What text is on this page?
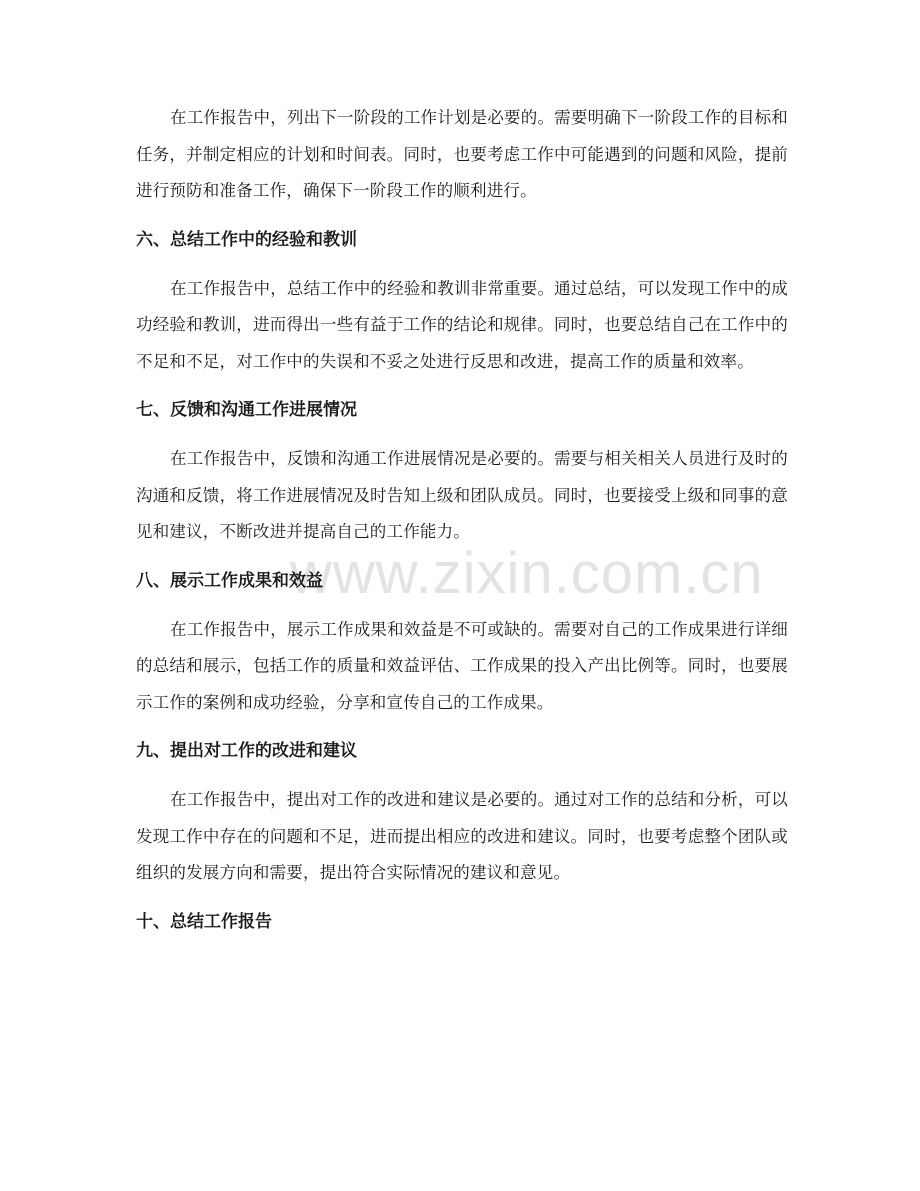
www.zixin.com.cn

在工作报告中，列出下一阶段的工作计划是必要的。需要明确下一阶段工作的目标和任务，并制定相应的计划和时间表。同时，也要考虑工作中可能遇到的问题和风险，提前进行预防和准备工作，确保下一阶段工作的顺利进行。

六、总结工作中的经验和教训

在工作报告中，总结工作中的经验和教训非常重要。通过总结，可以发现工作中的成功经验和教训，进而得出一些有益于工作的结论和规律。同时，也要总结自己在工作中的不足和不足，对工作中的失误和不妥之处进行反思和改进，提高工作的质量和效率。

七、反馈和沟通工作进展情况

在工作报告中，反馈和沟通工作进展情况是必要的。需要与相关相关人员进行及时的沟通和反馈，将工作进展情况及时告知上级和团队成员。同时，也要接受上级和同事的意见和建议，不断改进并提高自己的工作能力。

八、展示工作成果和效益

在工作报告中，展示工作成果和效益是不可或缺的。需要对自己的工作成果进行详细的总结和展示，包括工作的质量和效益评估、工作成果的投入产出比例等。同时，也要展示工作的案例和成功经验，分享和宣传自己的工作成果。

九、提出对工作的改进和建议

在工作报告中，提出对工作的改进和建议是必要的。通过对工作的总结和分析，可以发现工作中存在的问题和不足，进而提出相应的改进和建议。同时，也要考虑整个团队或组织的发展方向和需要，提出符合实际情况的建议和意见。

十、总结工作报告
